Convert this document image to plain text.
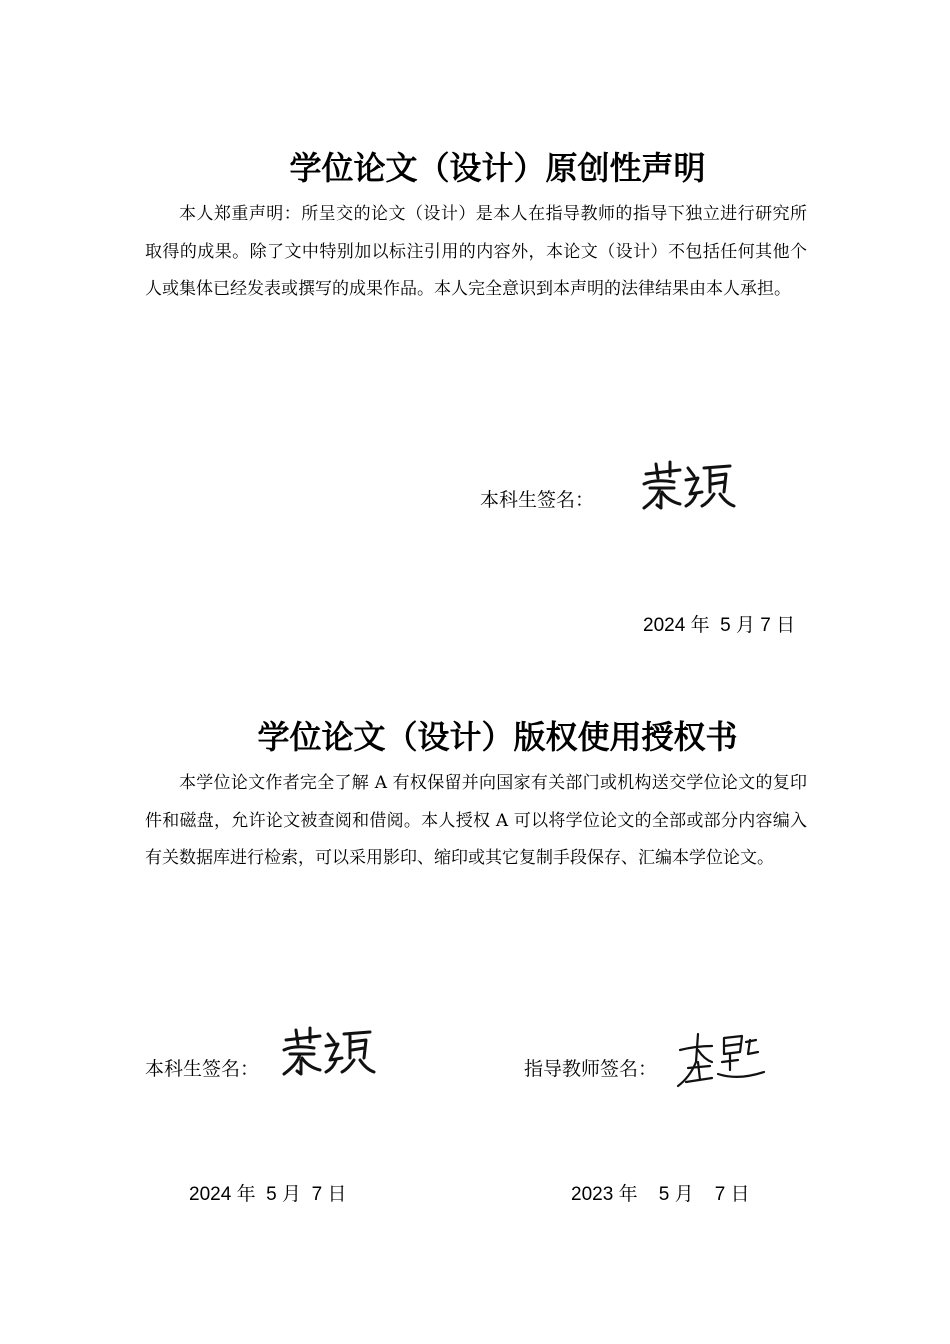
学位论文（设计）原创性声明
本人郑重声明：所呈交的论文（设计）是本人在指导教师的指导下独立进行研究所取得的成果。除了文中特别加以标注引用的内容外，本论文（设计）不包括任何其他个人或集体已经发表或撰写的成果作品。本人完全意识到本声明的法律结果由本人承担。
本科生签名：
2024 年 5 月 7 日
学位论文（设计）版权使用授权书
本学位论文作者完全了解 A 有权保留并向国家有关部门或机构送交学位论文的复印件和磁盘，允许论文被查阅和借阅。本人授权 A 可以将学位论文的全部或部分内容编入有关数据库进行检索，可以采用影印、缩印或其它复制手段保存、汇编本学位论文。
本科生签名：	指导教师签名：
2024 年 5 月 7 日	2023 年 5 月 7 日
